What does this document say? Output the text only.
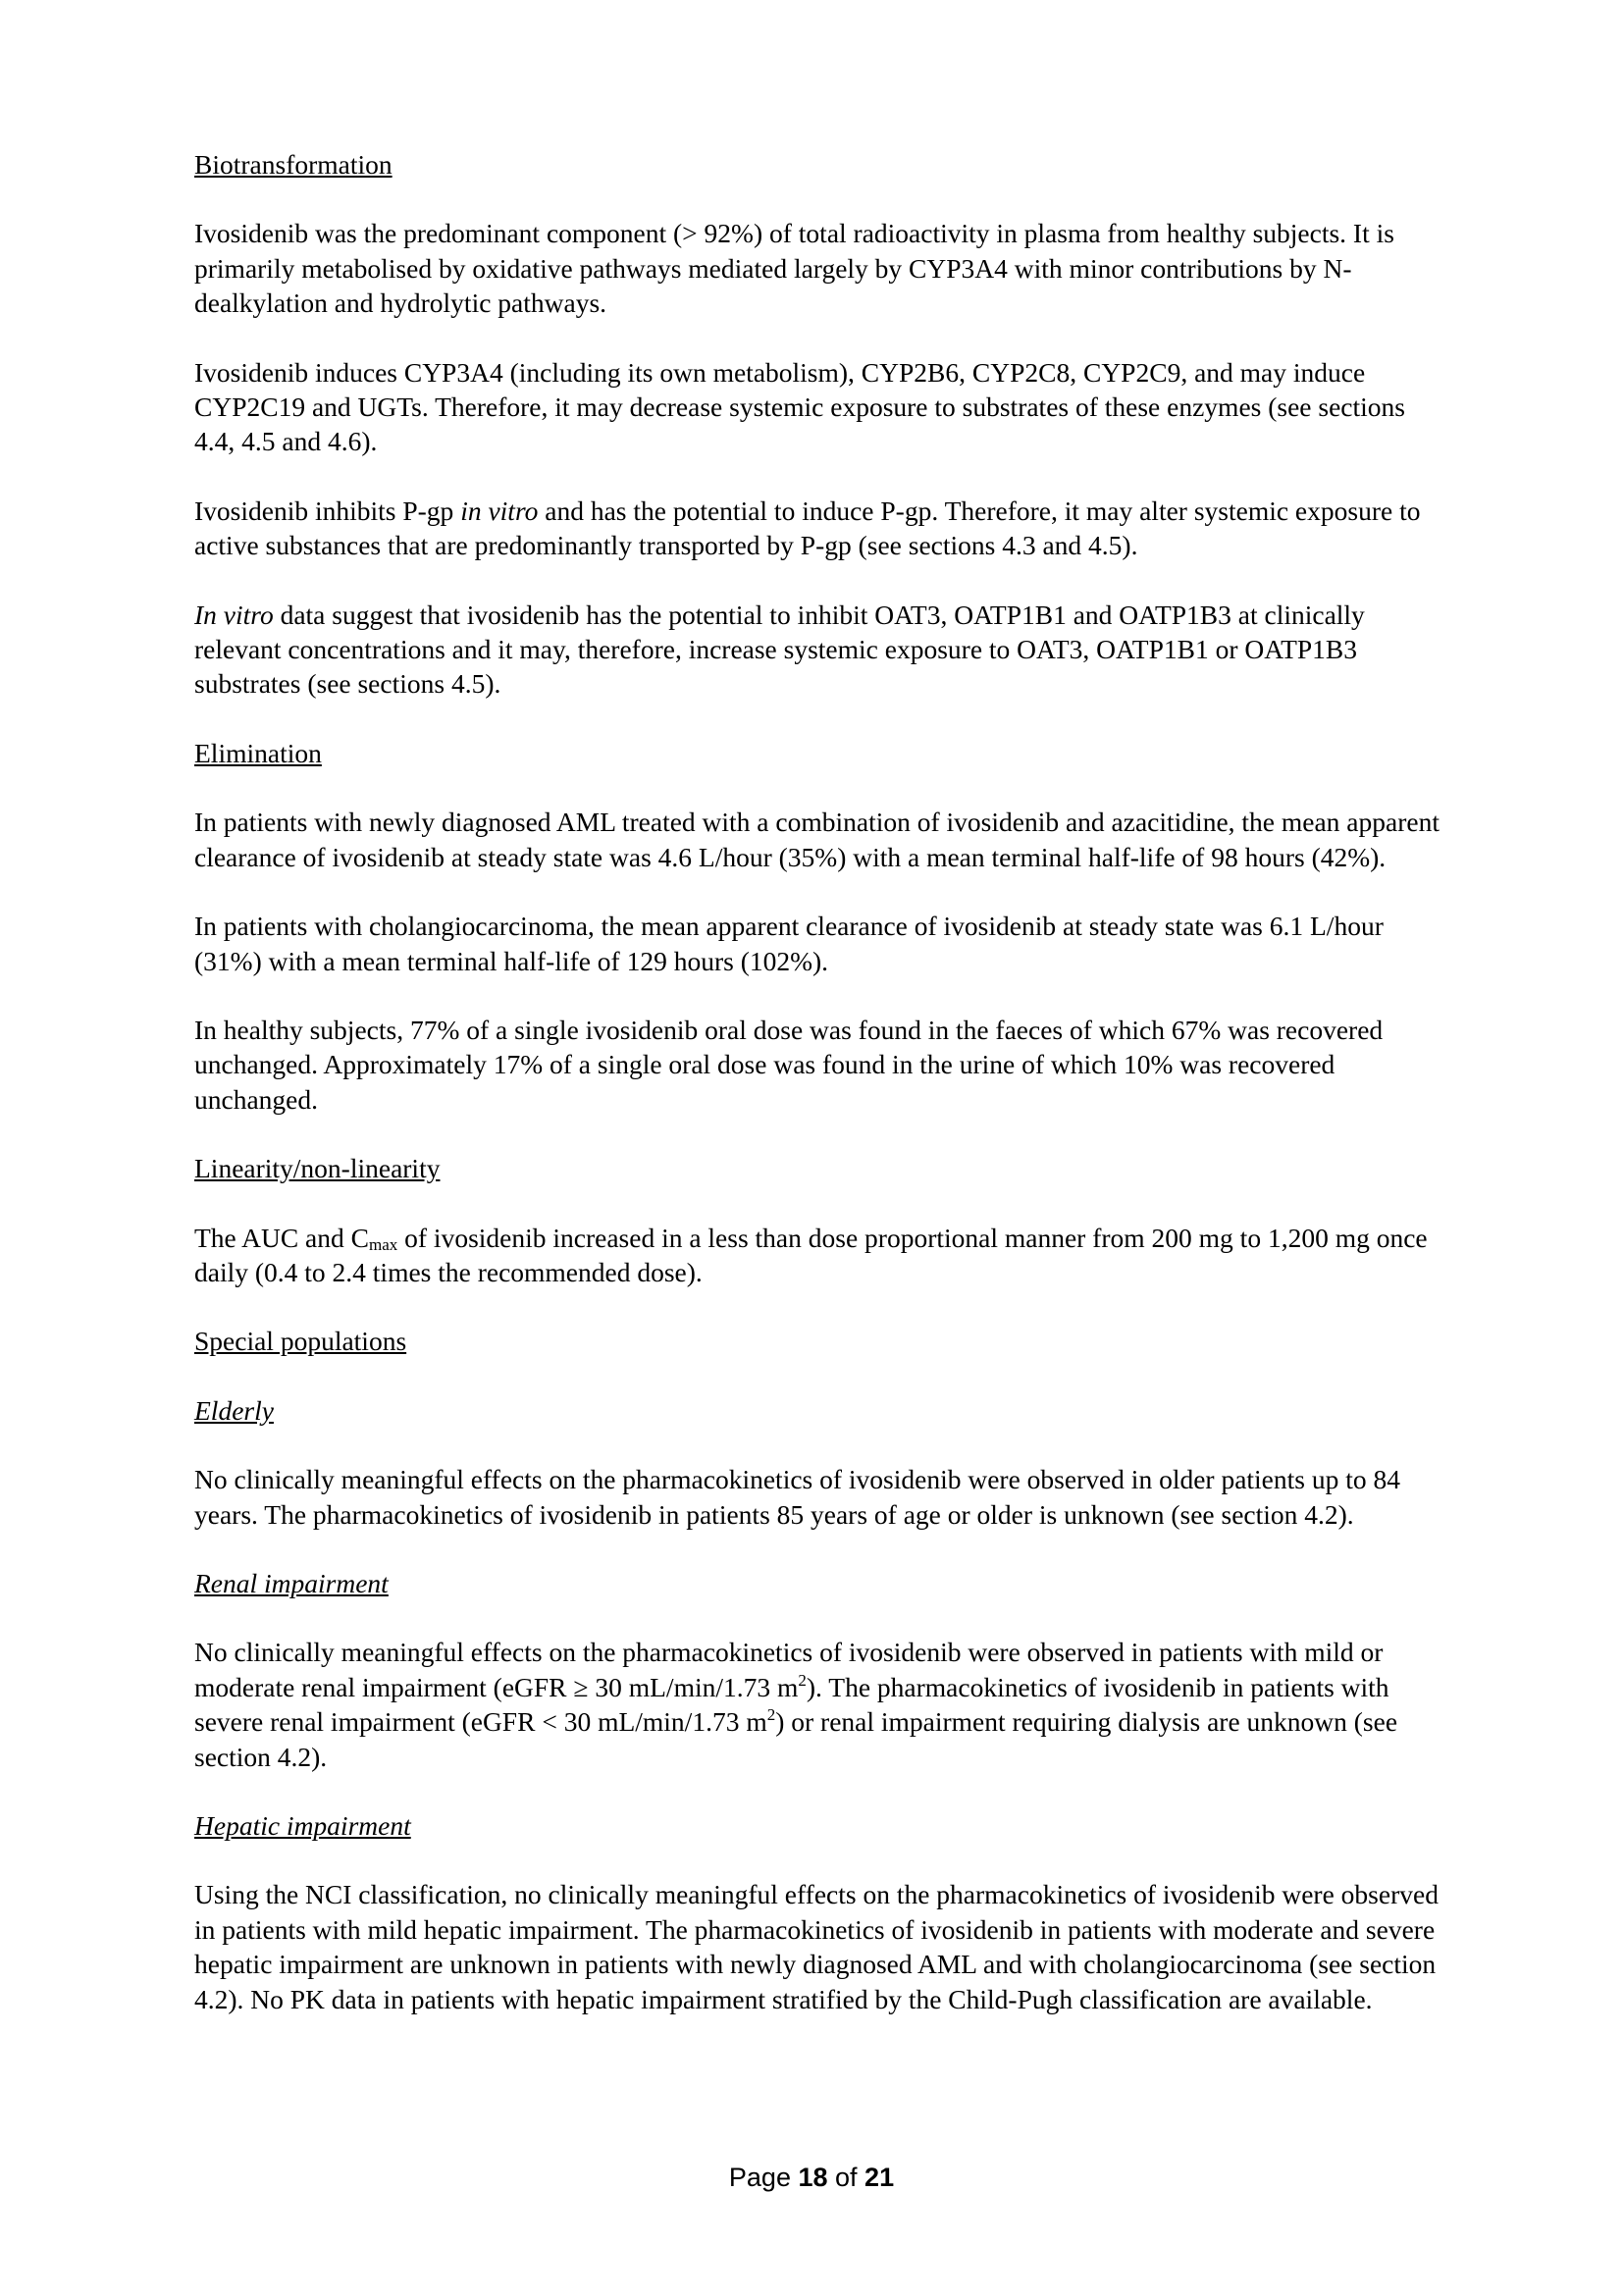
Biotransformation

Ivosidenib was the predominant component (> 92%) of total radioactivity in plasma from healthy subjects. It is primarily metabolised by oxidative pathways mediated largely by CYP3A4 with minor contributions by N-dealkylation and hydrolytic pathways.

Ivosidenib induces CYP3A4 (including its own metabolism), CYP2B6, CYP2C8, CYP2C9, and may induce CYP2C19 and UGTs. Therefore, it may decrease systemic exposure to substrates of these enzymes (see sections 4.4, 4.5 and 4.6).

Ivosidenib inhibits P-gp in vitro and has the potential to induce P-gp. Therefore, it may alter systemic exposure to active substances that are predominantly transported by P-gp (see sections 4.3 and 4.5).

In vitro data suggest that ivosidenib has the potential to inhibit OAT3, OATP1B1 and OATP1B3 at clinically relevant concentrations and it may, therefore, increase systemic exposure to OAT3, OATP1B1 or OATP1B3 substrates (see sections 4.5).

Elimination

In patients with newly diagnosed AML treated with a combination of ivosidenib and azacitidine, the mean apparent clearance of ivosidenib at steady state was 4.6 L/hour (35%) with a mean terminal half-life of 98 hours (42%).

In patients with cholangiocarcinoma, the mean apparent clearance of ivosidenib at steady state was 6.1 L/hour (31%) with a mean terminal half-life of 129 hours (102%).

In healthy subjects, 77% of a single ivosidenib oral dose was found in the faeces of which 67% was recovered unchanged. Approximately 17% of a single oral dose was found in the urine of which 10% was recovered unchanged.

Linearity/non-linearity

The AUC and $C_{max}$ of ivosidenib increased in a less than dose proportional manner from 200 mg to 1,200 mg once daily (0.4 to 2.4 times the recommended dose).

Special populations

Elderly

No clinically meaningful effects on the pharmacokinetics of ivosidenib were observed in older patients up to 84 years. The pharmacokinetics of ivosidenib in patients 85 years of age or older is unknown (see section 4.2).

Renal impairment

No clinically meaningful effects on the pharmacokinetics of ivosidenib were observed in patients with mild or moderate renal impairment (eGFR ≥ 30 mL/min/1.73 $m^2$). The pharmacokinetics of ivosidenib in patients with severe renal impairment (eGFR < 30 mL/min/1.73 $m^2$) or renal impairment requiring dialysis are unknown (see section 4.2).

Hepatic impairment

Using the NCI classification, no clinically meaningful effects on the pharmacokinetics of ivosidenib were observed in patients with mild hepatic impairment. The pharmacokinetics of ivosidenib in patients with moderate and severe hepatic impairment are unknown in patients with newly diagnosed AML and with cholangiocarcinoma (see section 4.2). No PK data in patients with hepatic impairment stratified by the Child-Pugh classification are available.

Page 18 of 21
